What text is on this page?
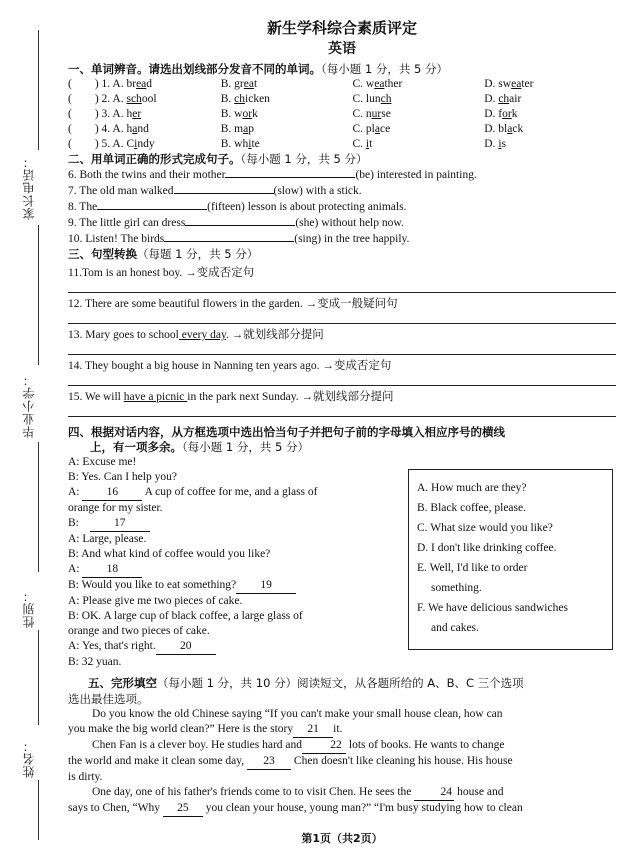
家长电话：
毕业小学：
性别：
姓名：
新生学科综合素质评定
英语
一、单词辨音。请选出划线部分发音不同的单词。（每小题 1 分，共 5 分）
(　　) 1. A. bread	B. great	C. weather	D. sweater
(　　) 2. A. school	B. chicken	C. lunch	D. chair
(　　) 3. A. her	B. work	C. nurse	D. fork
(　　) 4. A. hand	B. map	C. place	D. black
(　　) 5. A. Cindy	B. white	C. it	D. is
二、用单词正确的形式完成句子。（每小题 1 分，共 5 分）
6. Both the twins and their mother	(be) interested in painting.
7. The old man walked	(slow) with a stick.
8. The	(fifteen) lesson is about protecting animals.
9. The little girl can dress	(she) without help now.
10. Listen! The birds	(sing) in the tree happily.
三、句型转换（每题 1 分，共 5 分）
11.Tom is an honest boy. →变成否定句
12. There are some beautiful flowers in the garden. →变成一般疑问句
13. Mary goes to school every day. →就划线部分提问
14. They bought a big house in Nanning ten years ago. →变成否定句
15. We will have a picnic in the park next Sunday. →就划线部分提问
四、根据对话内容，从方框选项中选出恰当句子并把句子前的字母填入相应序号的横线
上，有一项多余。（每小题 1 分，共 5 分）
A: Excuse me!
B: Yes. Can I help you?
A: 16 A cup of coffee for me, and a glass of
orange for my sister.
B:	17
A: Large, please.
B: And what kind of coffee would you like?
A: 18
B: Would you like to eat something? 19
A: Please give me two pieces of cake.
B: OK. A large cup of black coffee, a large glass of
orange and two pieces of cake.
A: Yes, that's right. 20
B: 32 yuan.
五、完形填空（每小题 1 分，共 10 分）阅读短文，从各题所给的 A、B、C 三个选项
选出最佳选项。
Do you know the old Chinese saying “If you can't make your small house clean, how can
you make the big world clean?” Here is the story 21 it.
Chen Fan is a clever boy. He studies hard and 22 lots of books. He wants to change
the world and make it clean some day, 23 Chen doesn't like cleaning his house. His house
is dirty.
One day, one of his father's friends come to to visit Chen. He sees the	24 house and
says to Chen, “Why 25 you clean your house, young man?” “I'm busy studying how to clean
第1页（共2页）
A. How much are they?
B. Black coffee, please.
C. What size would you like?
D. I don't like drinking coffee.
E. Well, I'd like to order
something.
F. We have delicious sandwiches
and cakes.
